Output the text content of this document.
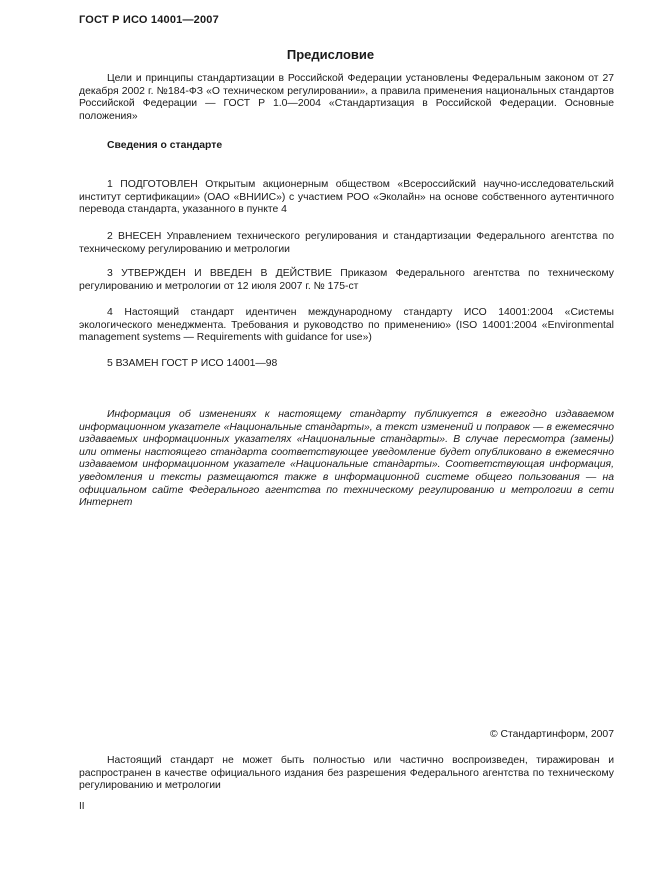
ГОСТ Р ИСО 14001—2007
Предисловие

Цели и принципы стандартизации в Российской Федерации установлены Федеральным законом от 27 декабря 2002 г. №184-ФЗ «О техническом регулировании», а правила применения национальных стандартов Российской Федерации — ГОСТ Р 1.0—2004 «Стандартизация в Российской Федерации. Основные положения»

Сведения о стандарте

1 ПОДГОТОВЛЕН Открытым акционерным обществом «Всероссийский научно-исследовательский институт сертификации» (ОАО «ВНИИС») с участием РОО «Эколайн» на основе собственного аутентичного перевода стандарта, указанного в пункте 4

2 ВНЕСЕН Управлением технического регулирования и стандартизации Федерального агентства по техническому регулированию и метрологии

3 УТВЕРЖДЕН И ВВЕДЕН В ДЕЙСТВИЕ Приказом Федерального агентства по техническому регулированию и метрологии от 12 июля 2007 г. № 175-ст

4 Настоящий стандарт идентичен международному стандарту ИСО 14001:2004 «Системы экологического менеджмента. Требования и руководство по применению» (ISO 14001:2004 «Environmental management systems — Requirements with guidance for use»)

5 ВЗАМЕН ГОСТ Р ИСО 14001—98

Информация об изменениях к настоящему стандарту публикуется в ежегодно издаваемом информационном указателе «Национальные стандарты», а текст изменений и поправок — в ежемесячно издаваемых информационных указателях «Национальные стандарты». В случае пересмотра (замены) или отмены настоящего стандарта соответствующее уведомление будет опубликовано в ежемесячно издаваемом информационном указателе «Национальные стандарты». Соответствующая информация, уведомления и тексты размещаются также в информационной системе общего пользования — на официальном сайте Федерального агентства по техническому регулированию и метрологии в сети Интернет

© Стандартинформ, 2007

Настоящий стандарт не может быть полностью или частично воспроизведен, тиражирован и распространен в качестве официального издания без разрешения Федерального агентства по техническому регулированию и метрологии

II
